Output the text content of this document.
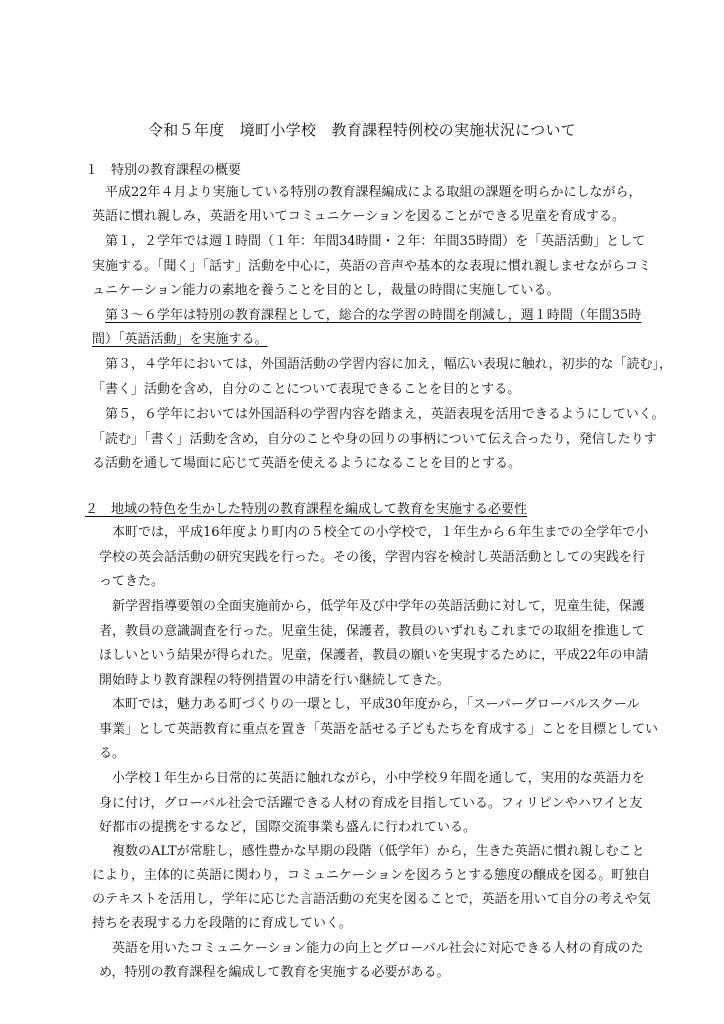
令和５年度　境町小学校　教育課程特例校の実施状況について
１　特別の教育課程の概要
平成22年４月より実施している特別の教育課程編成による取組の課題を明らかにしながら，
英語に慣れ親しみ，英語を用いてコミュニケーションを図ることができる児童を育成する。
第１，２学年では週１時間（１年：年間34時間・２年：年間35時間）を「英語活動」として
実施する。「聞く」「話す」活動を中心に，英語の音声や基本的な表現に慣れ親しませながらコミ
ュニケーション能力の素地を養うことを目的とし，裁量の時間に実施している。
第３～６学年は特別の教育課程として，総合的な学習の時間を削減し，週１時間（年間35時
間）「英語活動」を実施する。
第３，４学年においては，外国語活動の学習内容に加え，幅広い表現に触れ，初歩的な「読む」，
「書く」活動を含め，自分のことについて表現できることを目的とする。
第５，６学年においては外国語科の学習内容を踏まえ，英語表現を活用できるようにしていく。
「読む」「書く」活動を含め，自分のことや身の回りの事柄について伝え合ったり，発信したりす
る活動を通して場面に応じて英語を使えるようになることを目的とする。
２　地域の特色を生かした特別の教育課程を編成して教育を実施する必要性
本町では，平成16年度より町内の５校全ての小学校で，１年生から６年生までの全学年で小
学校の英会話活動の研究実践を行った。その後，学習内容を検討し英語活動としての実践を行
ってきた。
新学習指導要領の全面実施前から，低学年及び中学年の英語活動に対して，児童生徒，保護
者，教員の意識調査を行った。児童生徒，保護者，教員のいずれもこれまでの取組を推進して
ほしいという結果が得られた。児童，保護者，教員の願いを実現するために，平成22年の申請
開始時より教育課程の特例措置の申請を行い継続してきた。
本町では，魅力ある町づくりの一環とし，平成30年度から，「スーパーグローバルスクール
事業」として英語教育に重点を置き「英語を話せる子どもたちを育成する」ことを目標としてい
る。
小学校１年生から日常的に英語に触れながら，小中学校９年間を通して，実用的な英語力を
身に付け，グローバル社会で活躍できる人材の育成を目指している。フィリピンやハワイと友
好都市の提携をするなど，国際交流事業も盛んに行われている。
複数のALTが常駐し，感性豊かな早期の段階（低学年）から，生きた英語に慣れ親しむこと
により，主体的に英語に関わり，コミュニケーションを図ろうとする態度の醸成を図る。町独自
のテキストを活用し，学年に応じた言語活動の充実を図ることで，英語を用いて自分の考えや気
持ちを表現する力を段階的に育成していく。
英語を用いたコミュニケーション能力の向上とグローバル社会に対応できる人材の育成のた
め，特別の教育課程を編成して教育を実施する必要がある。
